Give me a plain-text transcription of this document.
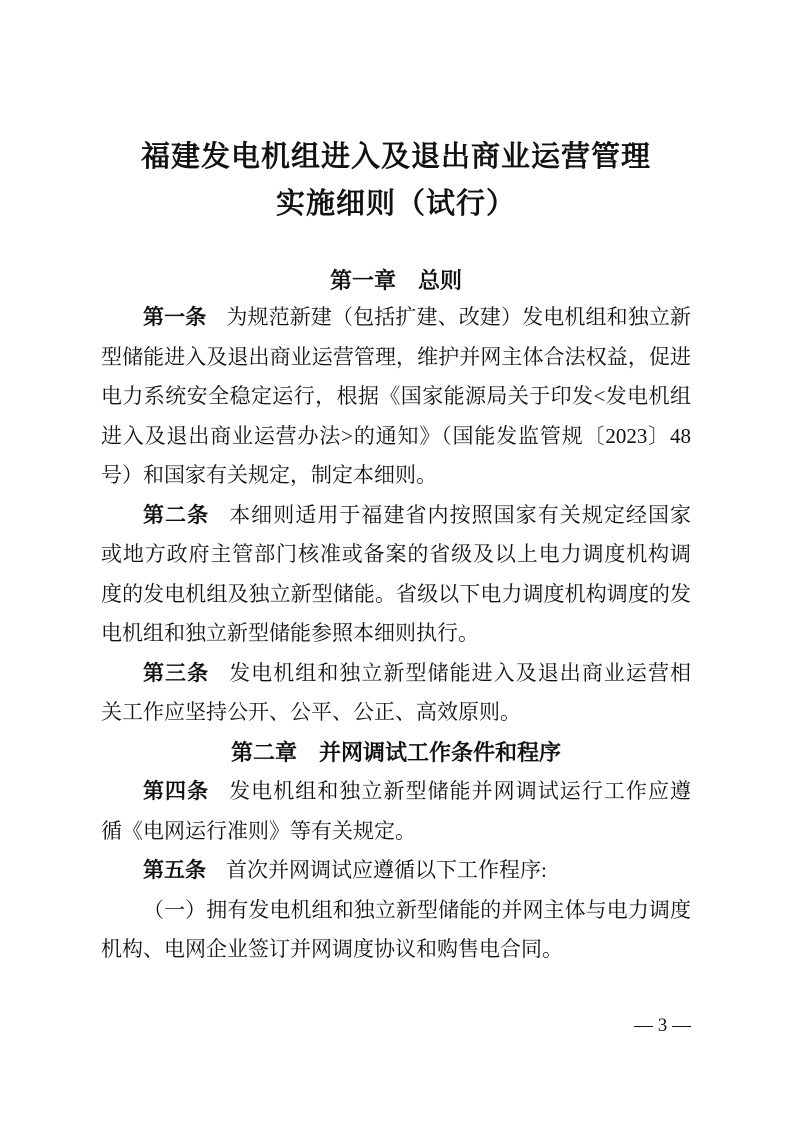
福建发电机组进入及退出商业运营管理
实施细则（试行）
第一章　总则
第一条 为规范新建（包括扩建、改建）发电机组和独立新
型储能进入及退出商业运营管理，维护并网主体合法权益，促进
电力系统安全稳定运行，根据《国家能源局关于印发<发电机组
进入及退出商业运营办法>的通知》（国能发监管规〔2023〕48
号）和国家有关规定，制定本细则。
第二条 本细则适用于福建省内按照国家有关规定经国家
或地方政府主管部门核准或备案的省级及以上电力调度机构调
度的发电机组及独立新型储能。省级以下电力调度机构调度的发
电机组和独立新型储能参照本细则执行。
第三条 发电机组和独立新型储能进入及退出商业运营相
关工作应坚持公开、公平、公正、高效原则。
第二章　并网调试工作条件和程序
第四条 发电机组和独立新型储能并网调试运行工作应遵
循《电网运行准则》等有关规定。
第五条 首次并网调试应遵循以下工作程序:
（一）拥有发电机组和独立新型储能的并网主体与电力调度
机构、电网企业签订并网调度协议和购售电合同。
— 3 —
